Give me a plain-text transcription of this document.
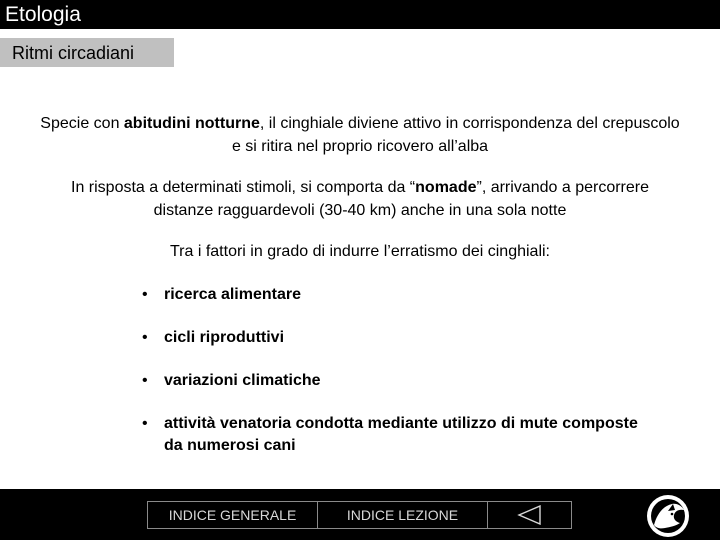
Etologia
Ritmi circadiani

Specie con abitudini notturne, il cinghiale diviene attivo in corrispondenza del crepuscolo e si ritira nel proprio ricovero all’alba

In risposta a determinati stimoli, si comporta da “nomade”, arrivando a percorrere distanze ragguardevoli (30-40 km) anche in una sola notte

Tra i fattori in grado di indurre l’erratismo dei cinghiali:

• ricerca alimentare
• cicli riproduttivi
• variazioni climatiche
• attività venatoria condotta mediante utilizzo di mute composte da numerosi cani
INDICE GENERALE	INDICE LEZIONE
